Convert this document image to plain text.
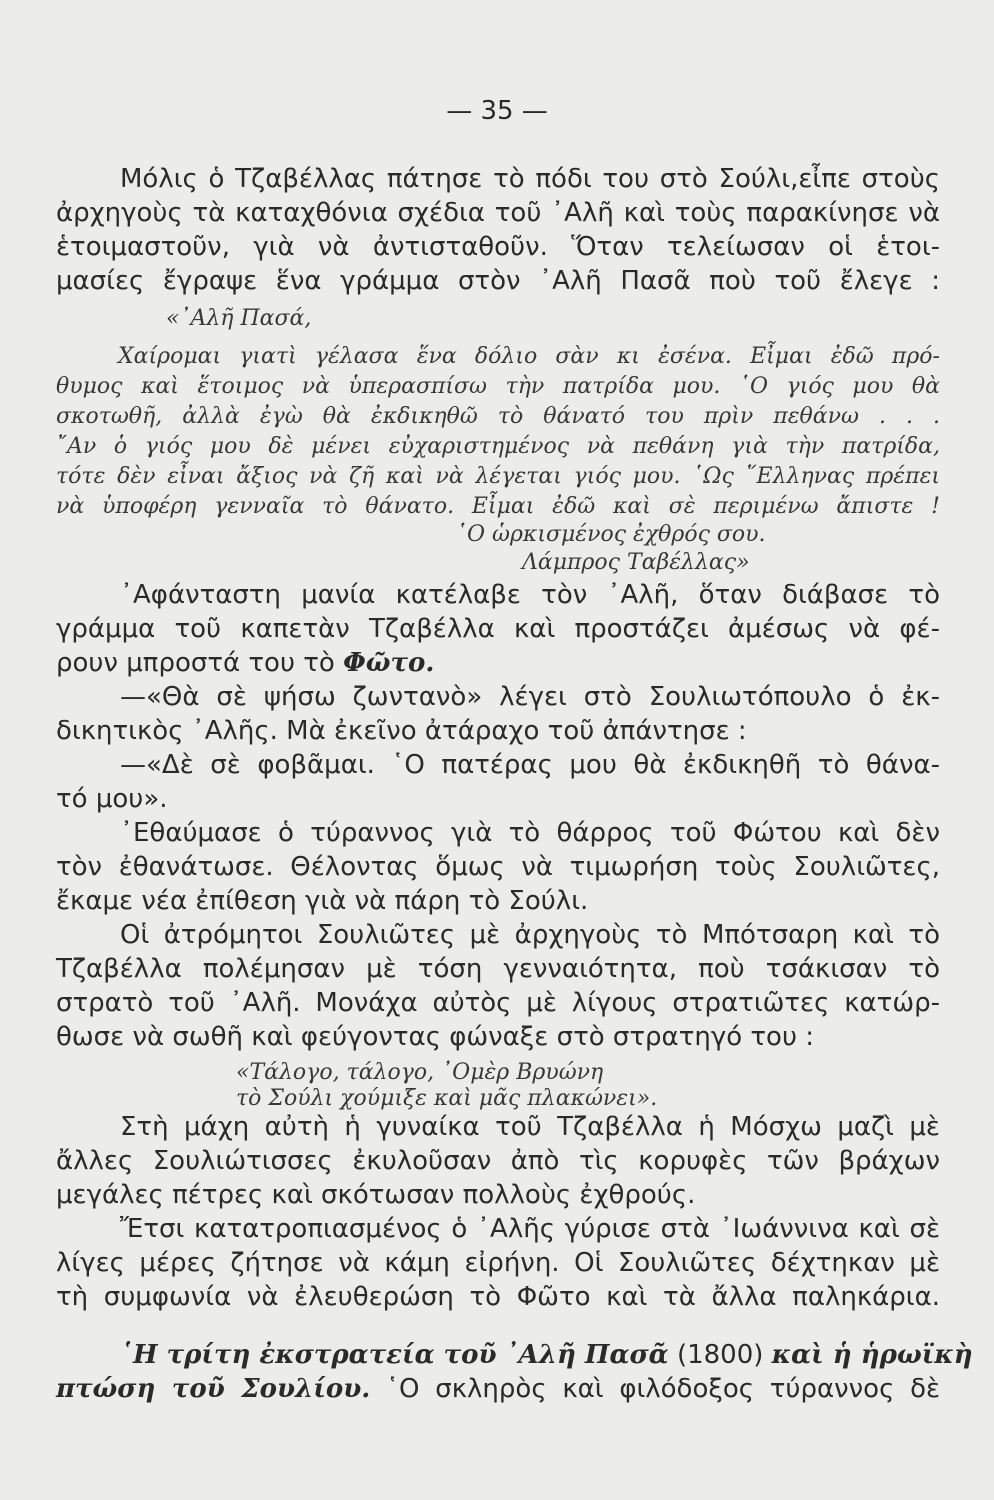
— 35 —
Μόλις ὁ Τζαβέλλας πάτησε τὸ πόδι του στὸ Σούλι,εἶπε στοὺς
ἀρχηγοὺς τὰ καταχθόνια σχέδια τοῦ ᾿Αλῆ καὶ τοὺς παρακίνησε νὰ
ἑτοιμαστοῦν, γιὰ νὰ ἀντισταθοῦν. Ὅταν τελείωσαν οἱ ἑτοι-
μασίες ἔγραψε ἕνα γράμμα στὸν ᾿Αλῆ Πασᾶ ποὺ τοῦ ἔλεγε :
«᾿Αλῆ Πασά,
Χαίρομαι γιατὶ γέλασα ἕνα δόλιο σὰν κι ἐσένα. Εἶμαι ἐδῶ πρό-
θυμος καὶ ἕτοιμος νὰ ὑπερασπίσω τὴν πατρίδα μου. ῾Ο γιός μου θὰ
σκοτωθῆ, ἀλλὰ ἐγὼ θὰ ἐκδικηθῶ τὸ θάνατό του πρὶν πεθάνω . . .
῎Αν ὁ γιός μου δὲ μένει εὐχαριστημένος νὰ πεθάνη γιὰ τὴν πατρίδα,
τότε δὲν εἶναι ἄξιος νὰ ζῆ καὶ νὰ λέγεται γιός μου. ῾Ως ῞Ελληνας πρέπει
νὰ ὑποφέρη γενναῖα τὸ θάνατο. Εἶμαι ἐδῶ καὶ σὲ περιμένω ἄπιστε !
῾Ο ὡρκισμένος ἐχθρός σου.
Λάμπρος Ταβέλλας»
᾿Αφάνταστη μανία κατέλαβε τὸν ᾿Αλῆ, ὅταν διάβασε τὸ
γράμμα τοῦ καπετὰν Τζαβέλλα καὶ προστάζει ἀμέσως νὰ φέ-
ρουν μπροστά του τὸ Φῶτο.
—«Θὰ σὲ ψήσω ζωντανὸ» λέγει στὸ Σουλιωτόπουλο ὁ ἐκ-
δικητικὸς ᾿Αλῆς. Μὰ ἐκεῖνο ἀτάραχο τοῦ ἀπάντησε :
—«Δὲ σὲ φοβᾶμαι. ῾Ο πατέρας μου θὰ ἐκδικηθῆ τὸ θάνα-
τό μου».
᾿Εθαύμασε ὁ τύραννος γιὰ τὸ θάρρος τοῦ Φώτου καὶ δὲν
τὸν ἐθανάτωσε. Θέλοντας ὅμως νὰ τιμωρήση τοὺς Σουλιῶτες,
ἔκαμε νέα ἐπίθεση γιὰ νὰ πάρη τὸ Σούλι.
Οἱ ἀτρόμητοι Σουλιῶτες μὲ ἀρχηγοὺς τὸ Μπότσαρη καὶ τὸ
Τζαβέλλα πολέμησαν μὲ τόση γενναιότητα, ποὺ τσάκισαν τὸ
στρατὸ τοῦ ᾿Αλῆ. Μονάχα αὐτὸς μὲ λίγους στρατιῶτες κατώρ-
θωσε νὰ σωθῆ καὶ φεύγοντας φώναξε στὸ στρατηγό του :
«Τάλογο, τάλογο, ᾿Ομὲρ Βρυώνη
τὸ Σούλι χούμιξε καὶ μᾶς πλακώνει».
Στὴ μάχη αὐτὴ ἡ γυναίκα τοῦ Τζαβέλλα ἡ Μόσχω μαζὶ μὲ
ἄλλες Σουλιώτισσες ἐκυλοῦσαν ἀπὸ τὶς κορυφὲς τῶν βράχων
μεγάλες πέτρες καὶ σκότωσαν πολλοὺς ἐχθρούς.
Ἔτσι κατατροπιασμένος ὁ ᾿Αλῆς γύρισε στὰ ᾿Ιωάννινα καὶ σὲ
λίγες μέρες ζήτησε νὰ κάμη εἰρήνη. Οἱ Σουλιῶτες δέχτηκαν μὲ
τὴ συμφωνία νὰ ἐλευθερώση τὸ Φῶτο καὶ τὰ ἄλλα παληκάρια.
῾Η τρίτη ἐκστρατεία τοῦ ᾿Αλῆ Πασᾶ (1800) καὶ ἡ ἡρωϊκὴ
πτώση τοῦ Σουλίου. ῾Ο σκληρὸς καὶ φιλόδοξος τύραννος δὲ
